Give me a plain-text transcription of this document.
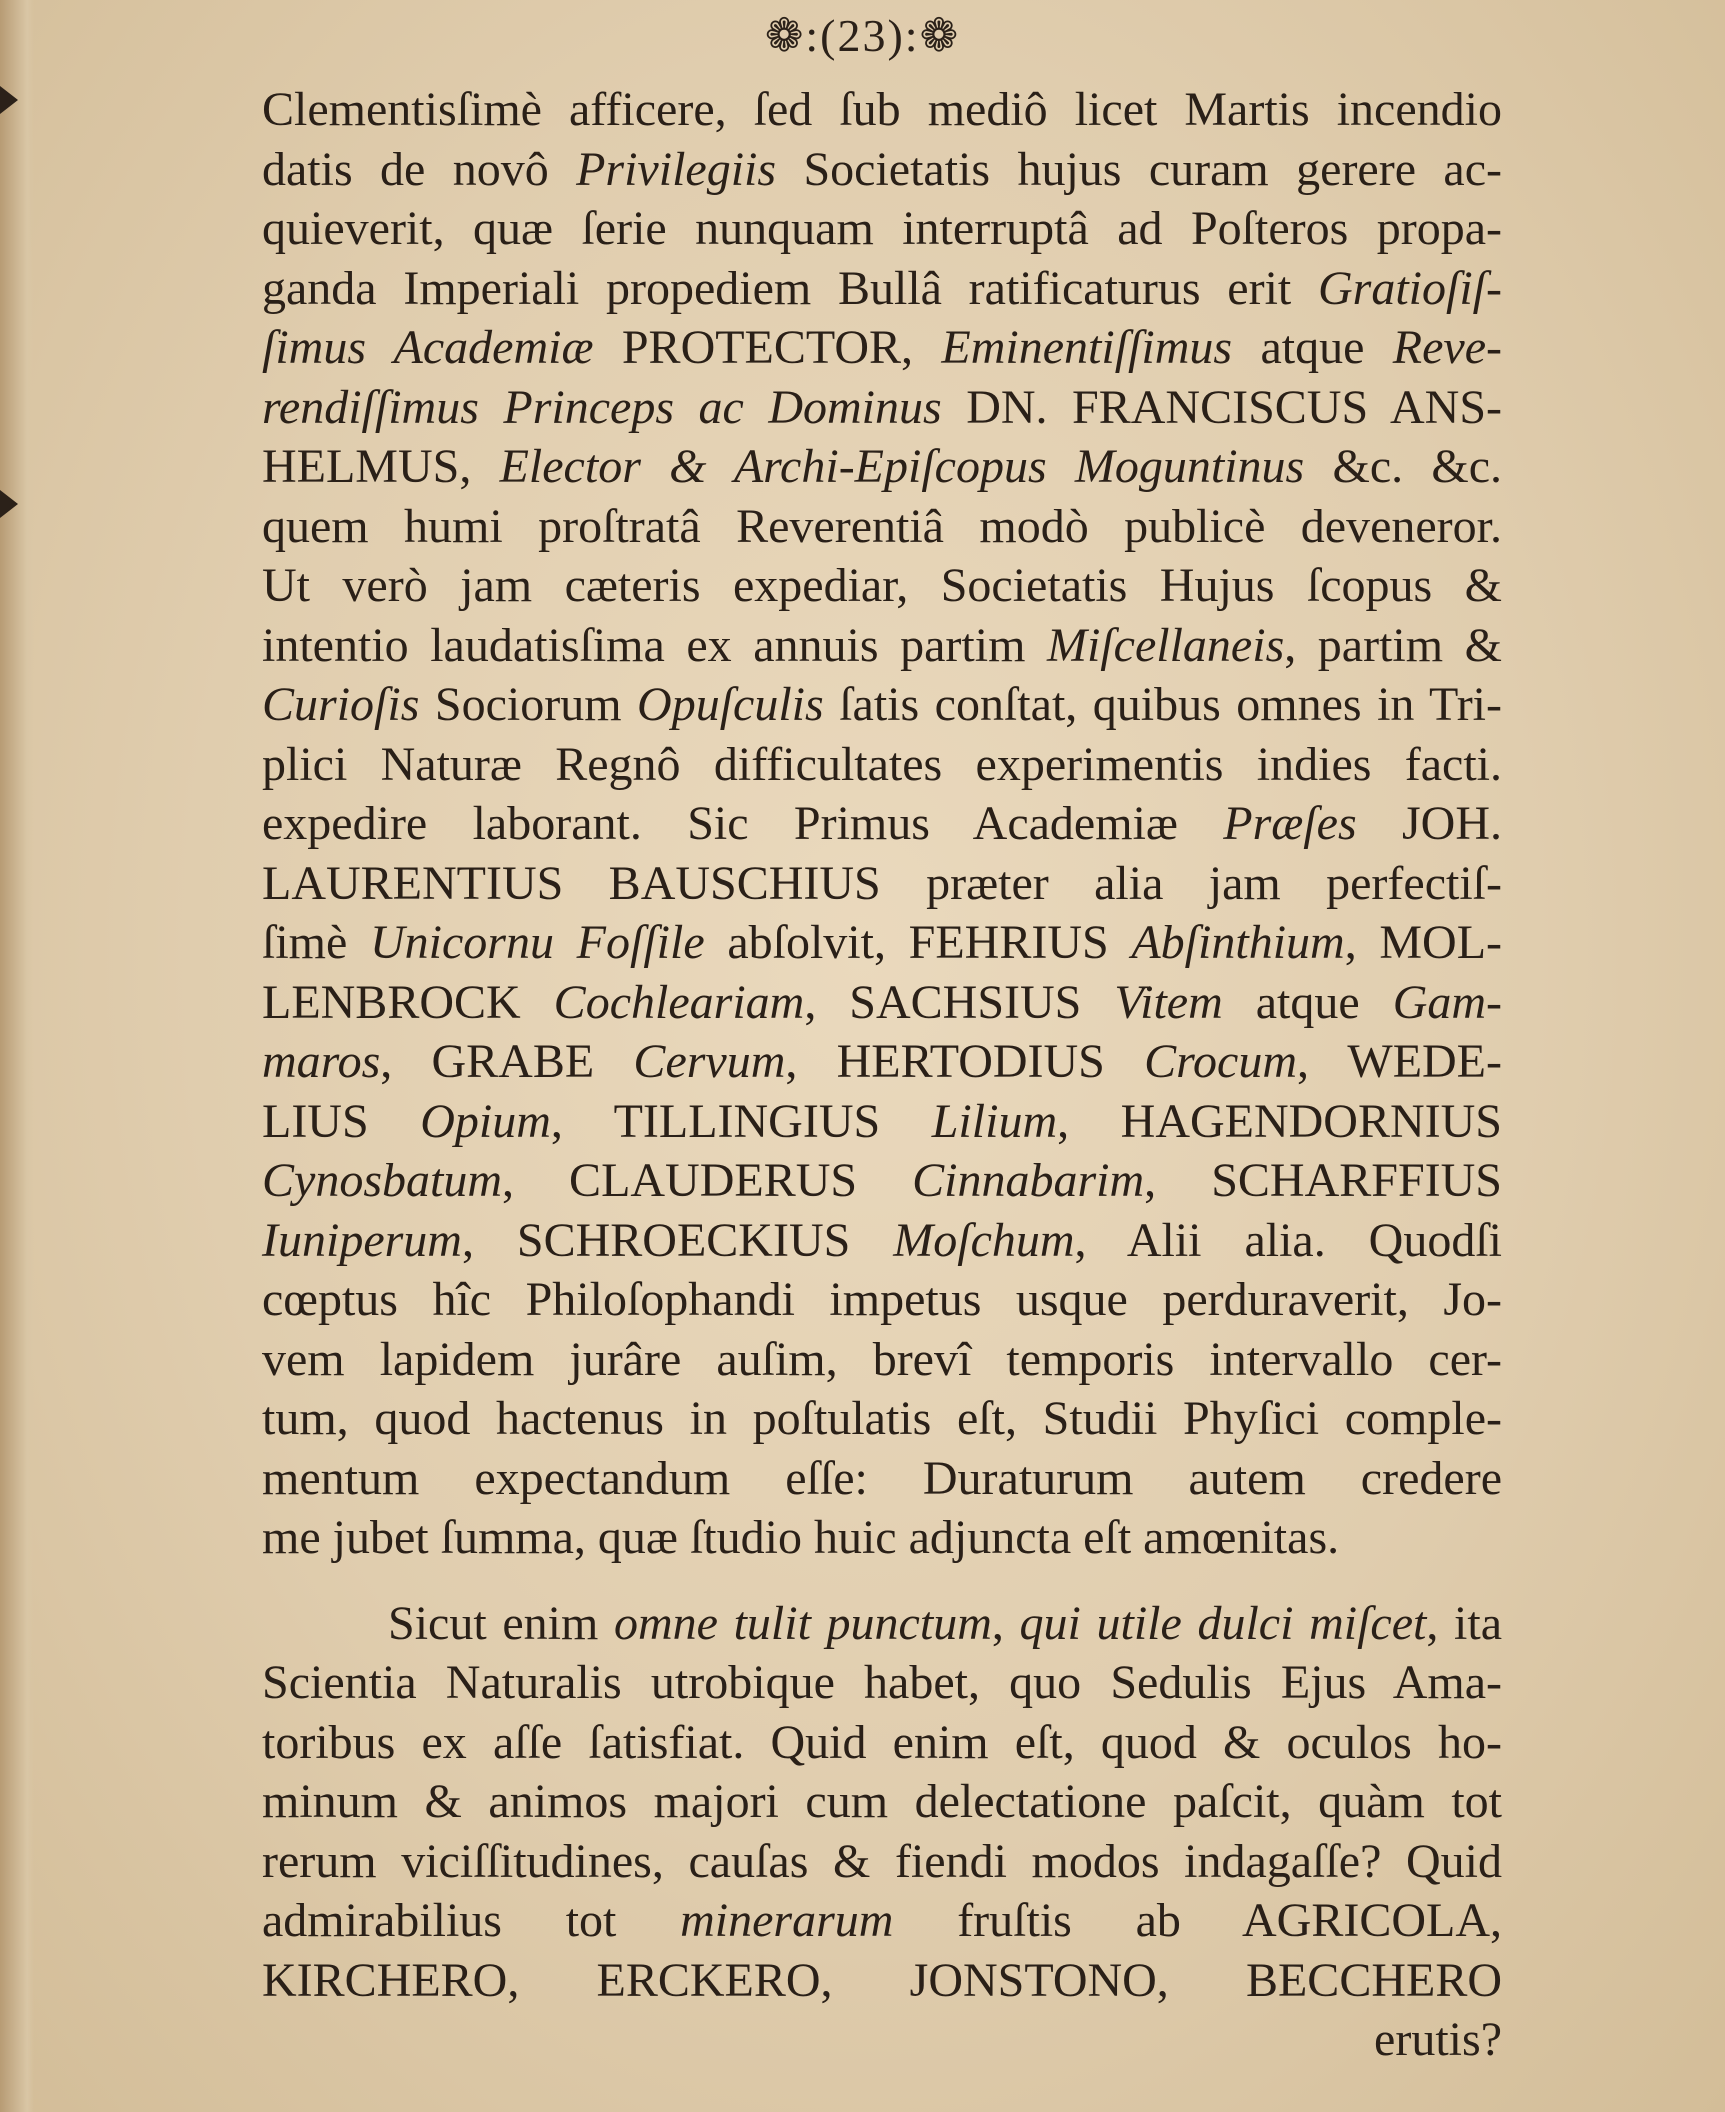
❁:(23):❁
Clementisſimè afficere, ſed ſub mediô licet Martis incendio
datis de novô Privilegiis Societatis hujus curam gerere ac-
quieverit, quæ ſerie nunquam interruptâ ad Poſteros propa-
ganda Imperiali propediem Bullâ ratificaturus erit Gratioſiſ-
ſimus Academiæ PROTECTOR, Eminentiſſimus atque Reve-
rendiſſimus Princeps ac Dominus DN. FRANCISCUS ANS-
HELMUS, Elector & Archi-Epiſcopus Moguntinus &c. &c.
quem humi proſtratâ Reverentiâ modò publicè deveneror.
Ut verò jam cæteris expediar, Societatis Hujus ſcopus &
intentio laudatisſima ex annuis partim Miſcellaneis, partim &
Curioſis Sociorum Opuſculis ſatis conſtat, quibus omnes in Tri-
plici Naturæ Regnô difficultates experimentis indies facti.
expedire laborant. Sic Primus Academiæ Præſes JOH.
LAURENTIUS BAUSCHIUS præter alia jam perfectiſ-
ſimè Unicornu Foſſile abſolvit, FEHRIUS Abſinthium, MOL-
LENBROCK Cochleariam, SACHSIUS Vitem atque Gam-
maros, GRABE Cervum, HERTODIUS Crocum, WEDE-
LIUS Opium, TILLINGIUS Lilium, HAGENDORNIUS
Cynosbatum, CLAUDERUS Cinnabarim, SCHARFFIUS
Iuniperum, SCHROECKIUS Moſchum, Alii alia. Quodſi
cœptus hîc Philoſophandi impetus usque perduraverit, Jo-
vem lapidem jurâre auſim, brevî temporis intervallo cer-
tum, quod hactenus in poſtulatis eſt, Studii Phyſici comple-
mentum expectandum eſſe: Duraturum autem credere
me jubet ſumma, quæ ſtudio huic adjuncta eſt amœnitas.
Sicut enim omne tulit punctum, qui utile dulci miſcet, ita
Scientia Naturalis utrobique habet, quo Sedulis Ejus Ama-
toribus ex aſſe ſatisfiat. Quid enim eſt, quod & oculos ho-
minum & animos majori cum delectatione paſcit, quàm tot
rerum viciſſitudines, cauſas & fiendi modos indagaſſe? Quid
admirabilius tot minerarum fruſtis ab AGRICOLA,
KIRCHERO, ERCKERO, JONSTONO, BECCHERO
erutis?
